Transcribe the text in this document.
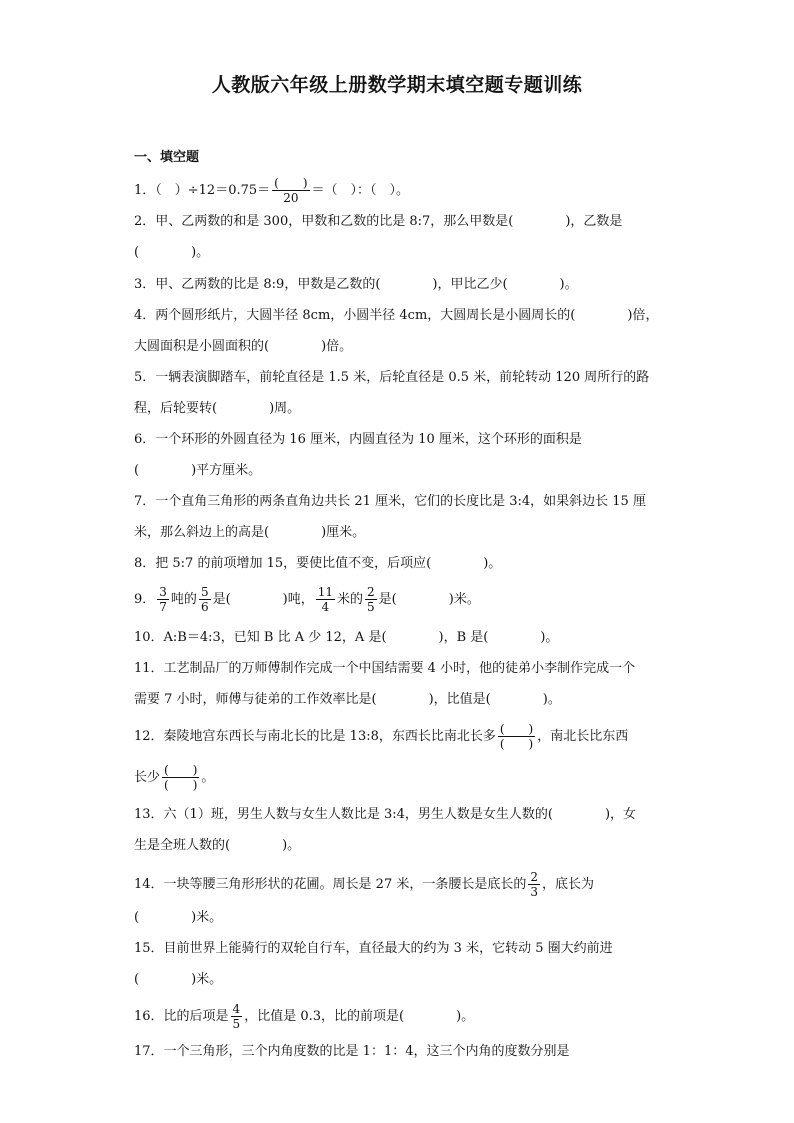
人教版六年级上册数学期末填空题专题训练
一、填空题
1．（　）$\div 12=0.75= \frac{( )}{20}$ ＝（　）：（　）。
2．甲、乙两数的和是 300，甲数和乙数的比是 8:7，那么甲数是(　　　　)，乙数是
(　　　　)。
3．甲、乙两数的比是 8:9，甲数是乙数的(　　　　)，甲比乙少(　　　　)。
4．两个圆形纸片，大圆半径 8cm，小圆半径 4cm，大圆周长是小圆周长的(　　　　)倍，
大圆面积是小圆面积的(　　　　)倍。
5．一辆表演脚踏车，前轮直径是 1.5 米，后轮直径是 0.5 米，前轮转动 120 周所行的路
程，后轮要转(　　　　)周。
6．一个环形的外圆直径为 16 厘米，内圆直径为 10 厘米，这个环形的面积是
(　　　　)平方厘米。
7．一个直角三角形的两条直角边共长 21 厘米，它们的长度比是 3:4，如果斜边长 15 厘
米，那么斜边上的高是(　　　　)厘米。
8．把 5:7 的前项增加 15，要使比值不变，后项应(　　　　)。
9． $\frac{3}{7}$ 吨的 $\frac{5}{6}$ 是(　　　　)吨， $\frac{11}{4}$ 米的 $\frac{2}{5}$ 是(　　　　)米。
10．A:B＝4:3，已知 B 比 A 少 12，A 是(　　　　)，B 是(　　　　)。
11．工艺制品厂的万师傅制作完成一个中国结需要 4 小时，他的徒弟小李制作完成一个
需要 7 小时，师傅与徒弟的工作效率比是(　　　　)，比值是(　　　　)。
12．秦陵地宫东西长与南北长的比是 13:8，东西长比南北长多 $\frac{( )}{( )}$ ，南北长比东西
长少 $\frac{( )}{( )}$ 。
13．六（1）班，男生人数与女生人数比是 3:4，男生人数是女生人数的(　　　　)，女
生是全班人数的(　　　　)。
14．一块等腰三角形形状的花圃。周长是 27 米，一条腰长是底长的 $\frac{2}{3}$ ，底长为
(　　　　)米。
15．目前世界上能骑行的双轮自行车，直径最大的约为 3 米，它转动 5 圈大约前进
(　　　　)米。
16．比的后项是 $\frac{4}{5}$ ，比值是 0.3，比的前项是(　　　　)。
17．一个三角形，三个内角度数的比是 1：1：4，这三个内角的度数分别是
